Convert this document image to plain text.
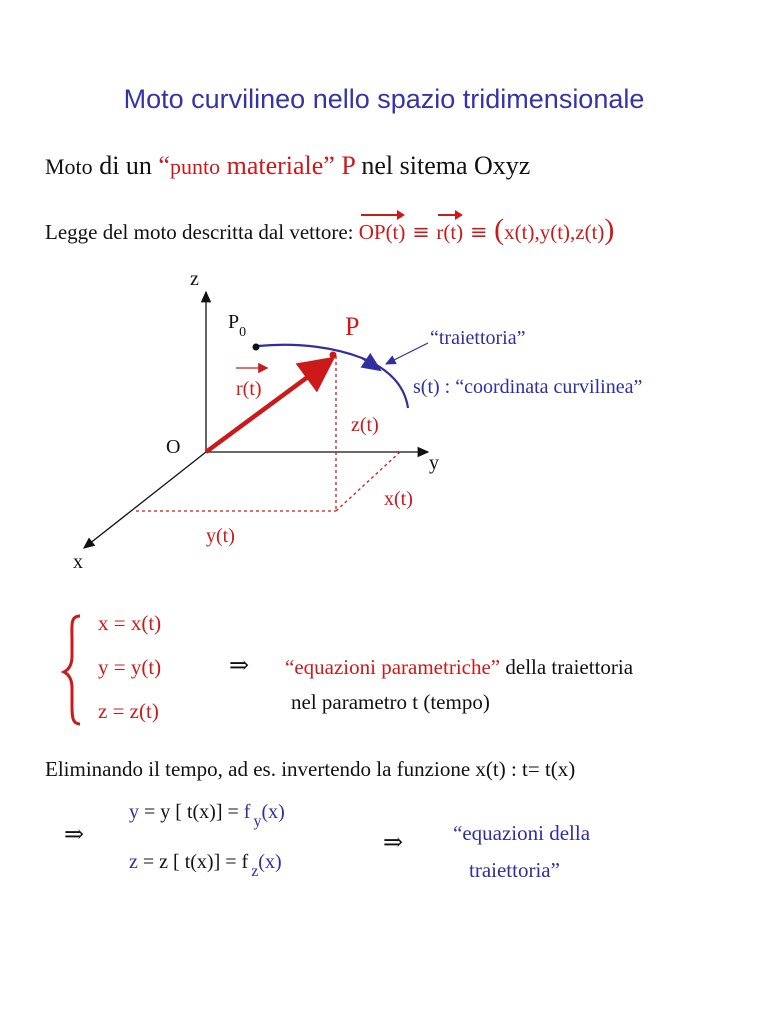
Moto curvilineo nello spazio tridimensionale
Moto di un “punto materiale” P nel sitema Oxyz
Legge del moto descritta dal vettore: OP(t) ≡
r(t) ≡ (x(t),y(t),z(t))
z
y
x
O
$P_0$	P	“traiettoria”
s(t) : “coordinata curvilinea”
r(t)
z(t)
x(t)
y(t)
x = x(t)
y = y(t)
z = z(t)
⇒ “equazioni parametriche” della traiettoria
nel parametro t (tempo)
Eliminando il tempo, ad es. invertendo la funzione x(t) : t= t(x)
⇒
y = y [ t(x)] = f $_y$(x)
z = z [ t(x)] = f $_z$(x)
⇒ “equazioni della
traiettoria”
